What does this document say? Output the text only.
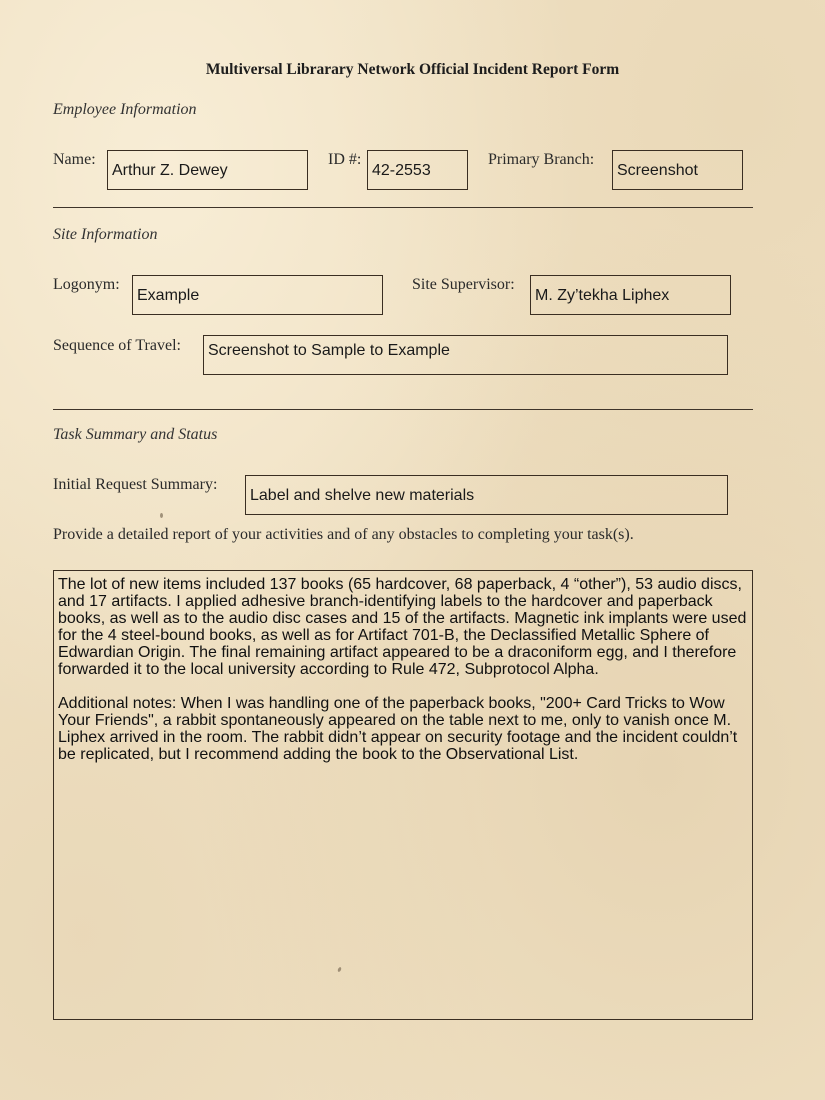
Multiversal Librarary Network Official Incident Report Form
Employee Information
Name:
Arthur Z. Dewey
ID #:
42-2553
Primary Branch:
Screenshot
Site Information
Logonym:
Example
Site Supervisor:
M. Zy’tekha Liphex
Sequence of Travel:	Screenshot to Sample to Example
Task Summary and Status
Initial Request Summary:
Label and shelve new materials
Provide a detailed report of your activities and of any obstacles to completing your task(s).

The lot of new items included 137 books (65 hardcover, 68 paperback, 4 “other”), 53 audio discs, and 17 artifacts. I applied adhesive branch-identifying labels to the hardcover and paperback books, as well as to the audio disc cases and 15 of the artifacts. Magnetic ink implants were used for the 4 steel-bound books, as well as for Artifact 701-B, the Declassified Metallic Sphere of Edwardian Origin. The final remaining artifact appeared to be a draconiform egg, and I therefore forwarded it to the local university according to Rule 472, Subprotocol Alpha.

Additional notes: When I was handling one of the paperback books, "200+ Card Tricks to Wow Your Friends", a rabbit spontaneously appeared on the table next to me, only to vanish once M. Liphex arrived in the room. The rabbit didn’t appear on security footage and the incident couldn’t be replicated, but I recommend adding the book to the Observational List.
